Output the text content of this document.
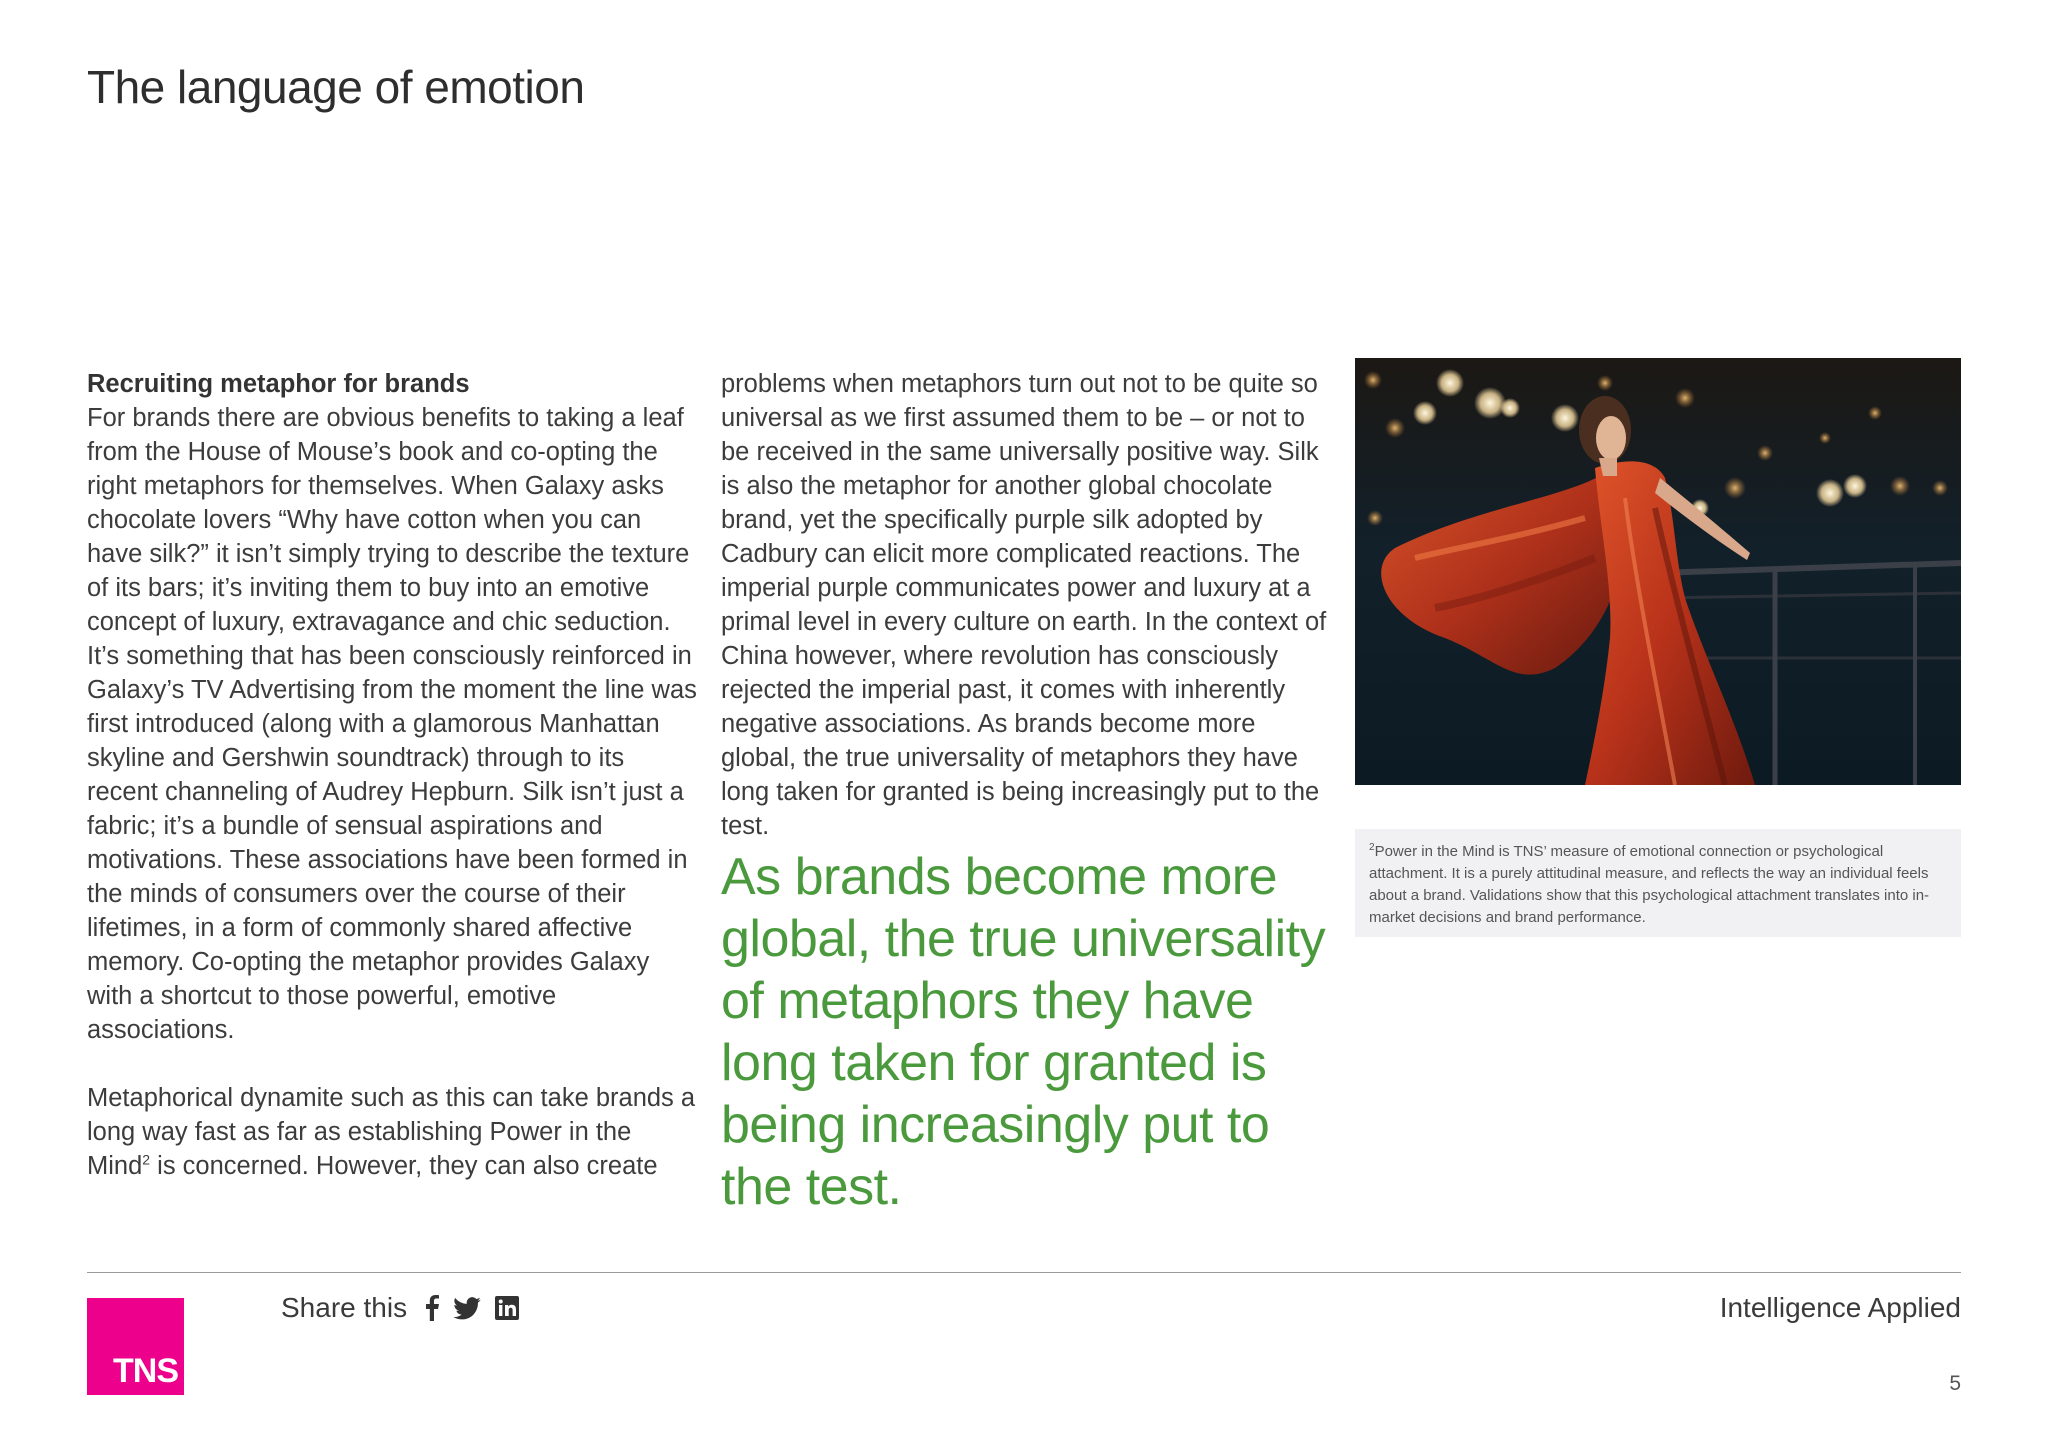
The language of emotion

Recruiting metaphor for brands
For brands there are obvious benefits to taking a leaf from the House of Mouse’s book and co-opting the right metaphors for themselves. When Galaxy asks chocolate lovers “Why have cotton when you can have silk?” it isn’t simply trying to describe the texture of its bars; it’s inviting them to buy into an emotive concept of luxury, extravagance and chic seduction. It’s something that has been consciously reinforced in Galaxy’s TV Advertising from the moment the line was first introduced (along with a glamorous Manhattan skyline and Gershwin soundtrack) through to its recent channeling of Audrey Hepburn. Silk isn’t just a fabric; it’s a bundle of sensual aspirations and motivations. These associations have been formed in the minds of consumers over the course of their lifetimes, in a form of commonly shared affective memory. Co-opting the metaphor provides Galaxy with a shortcut to those powerful, emotive associations.

Metaphorical dynamite such as this can take brands a long way fast as far as establishing Power in the Mind$^2$ is concerned. However, they can also create

problems when metaphors turn out not to be quite so universal as we first assumed them to be – or not to be received in the same universally positive way. Silk is also the metaphor for another global chocolate brand, yet the specifically purple silk adopted by Cadbury can elicit more complicated reactions. The imperial purple communicates power and luxury at a primal level in every culture on earth. In the context of China however, where revolution has consciously rejected the imperial past, it comes with inherently negative associations. As brands become more global, the true universality of metaphors they have long taken for granted is being increasingly put to the test.

As brands become more global, the true universality of metaphors they have long taken for granted is being increasingly put to the test.
$^2$Power in the Mind is TNS’ measure of emotional connection or psychological attachment. It is a purely attitudinal measure, and reflects the way an individual feels about a brand. Validations show that this psychological attachment translates into in-market decisions and brand performance.
TNS
Share this	Intelligence Applied
5
